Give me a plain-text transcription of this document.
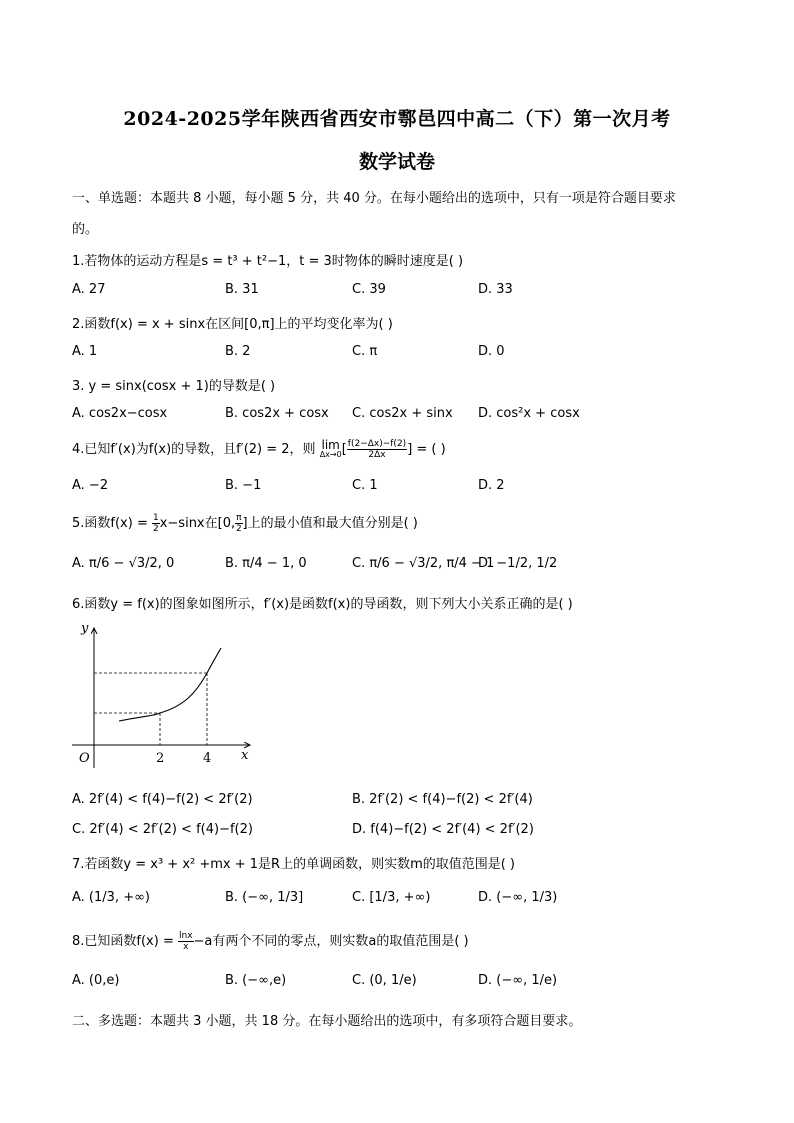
2024-2025学年陕西省西安市鄠邑四中高二（下）第一次月考
数学试卷
一、单选题：本题共 8 小题，每小题 5 分，共 40 分。在每小题给出的选项中，只有一项是符合题目要求
的。
1.若物体的运动方程是s = t³ + t²−1，t = 3时物体的瞬时速度是( )
A. 27	B. 31	C. 39	D. 33
2.函数f(x) = x + sinx在区间[0,π]上的平均变化率为( )
A. 1	B. 2	C. π	D. 0
3. y = sinx(cosx + 1)的导数是( )
A. cos2x−cosx	B. cos2x + cosx C. cos2x + sinx D. cos²x + cosx
4.已知f′(x)为f(x)的导数，且f′(2) = 2，则 lim
Δx→0 [ $\frac{f(2-\Delta x)-f(2)}{2\Delta x}$ ] = ( )
A. −2	B. −1	C. 1	D. 2
5.函数$f(x) = \frac{1}{2} x-\sin x$在[0, $\frac{\pi}{2}$ ]上的最小值和最大值分别是( )
A. π/6 − √3/2, 0	B. π/4 − 1, 0	C. π/6 − √3/2, π/4 − 1
D. −1/2, 1/2
6.函数y = f(x)的图象如图所示，f′(x)是函数f(x)的导函数，则下列大小关系正确的是( )
y
x
O	2	4
A. 2f′(4) < f(4)−f(2) < 2f′(2)	B. 2f′(2) < f(4)−f(2) < 2f′(4)
C. 2f′(4) < 2f′(2) < f(4)−f(2)	D. f(4)−f(2) < 2f′(4) < 2f′(2)
7.若函数y = x³ + x² +mx + 1是R上的单调函数，则实数m的取值范围是( )
A. (1/3, +∞)	B. (−∞, 1/3]	C. [1/3, +∞)	D. (−∞, 1/3)
8.已知函数$f(x) = \frac{\ln x}{x} -a$有两个不同的零点，则实数a的取值范围是( )
A. (0,e)	B. (−∞,e)	C. (0, 1/e)	D. (−∞, 1/e)
二、多选题：本题共 3 小题，共 18 分。在每小题给出的选项中，有多项符合题目要求。
